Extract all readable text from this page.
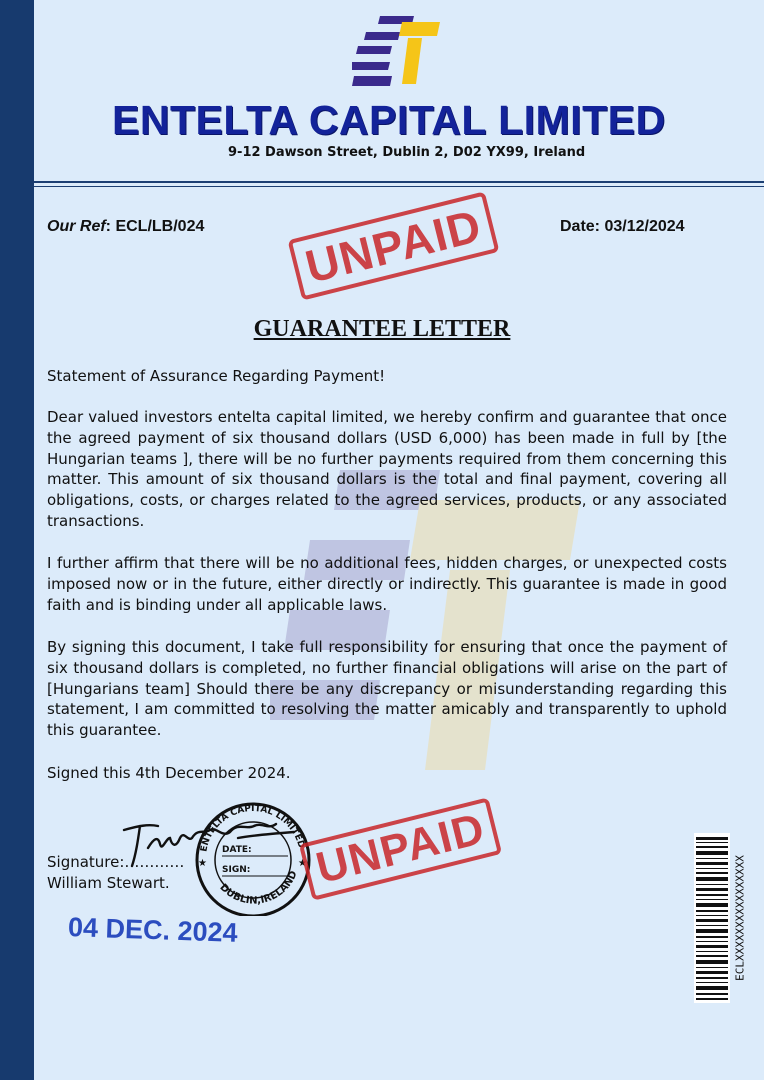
ENTELTA CAPITAL LIMITED
9-12 Dawson Street, Dublin 2, D02 YX99, Ireland
Our Ref: ECL/LB/024	Date: 03/12/2024
UNPAID
GUARANTEE LETTER
Statement of Assurance Regarding Payment!

Dear valued investors entelta capital limited, we hereby confirm and guarantee that once the agreed payment of six thousand dollars (USD 6,000) has been made in full by [the Hungarian teams ], there will be no further payments required from them concerning this matter. This amount of six thousand dollars is the total and final payment, covering all obligations, costs, or charges related to the agreed services, products, or any associated transactions.

I further affirm that there will be no additional fees, hidden charges, or unexpected costs imposed now or in the future, either directly or indirectly. This guarantee is made in good faith and is binding under all applicable laws.

By signing this document, I take full responsibility for ensuring that once the payment of six thousand dollars is completed, no further financial obligations will arise on the part of [Hungarians team] Should there be any discrepancy or misunderstanding regarding this statement, I am committed to resolving the matter amicably and transparently to uphold this guarantee.

Signed this 4th December 2024.
Signature:…………
William Stewart.
ENTELTA CAPITAL LIMITED
DUBLIN,IRELAND
DATE:
SIGN:
★	★ UNPAID
04 DEC. 2024	ECLXXXXXXXXXXXXXXXX
